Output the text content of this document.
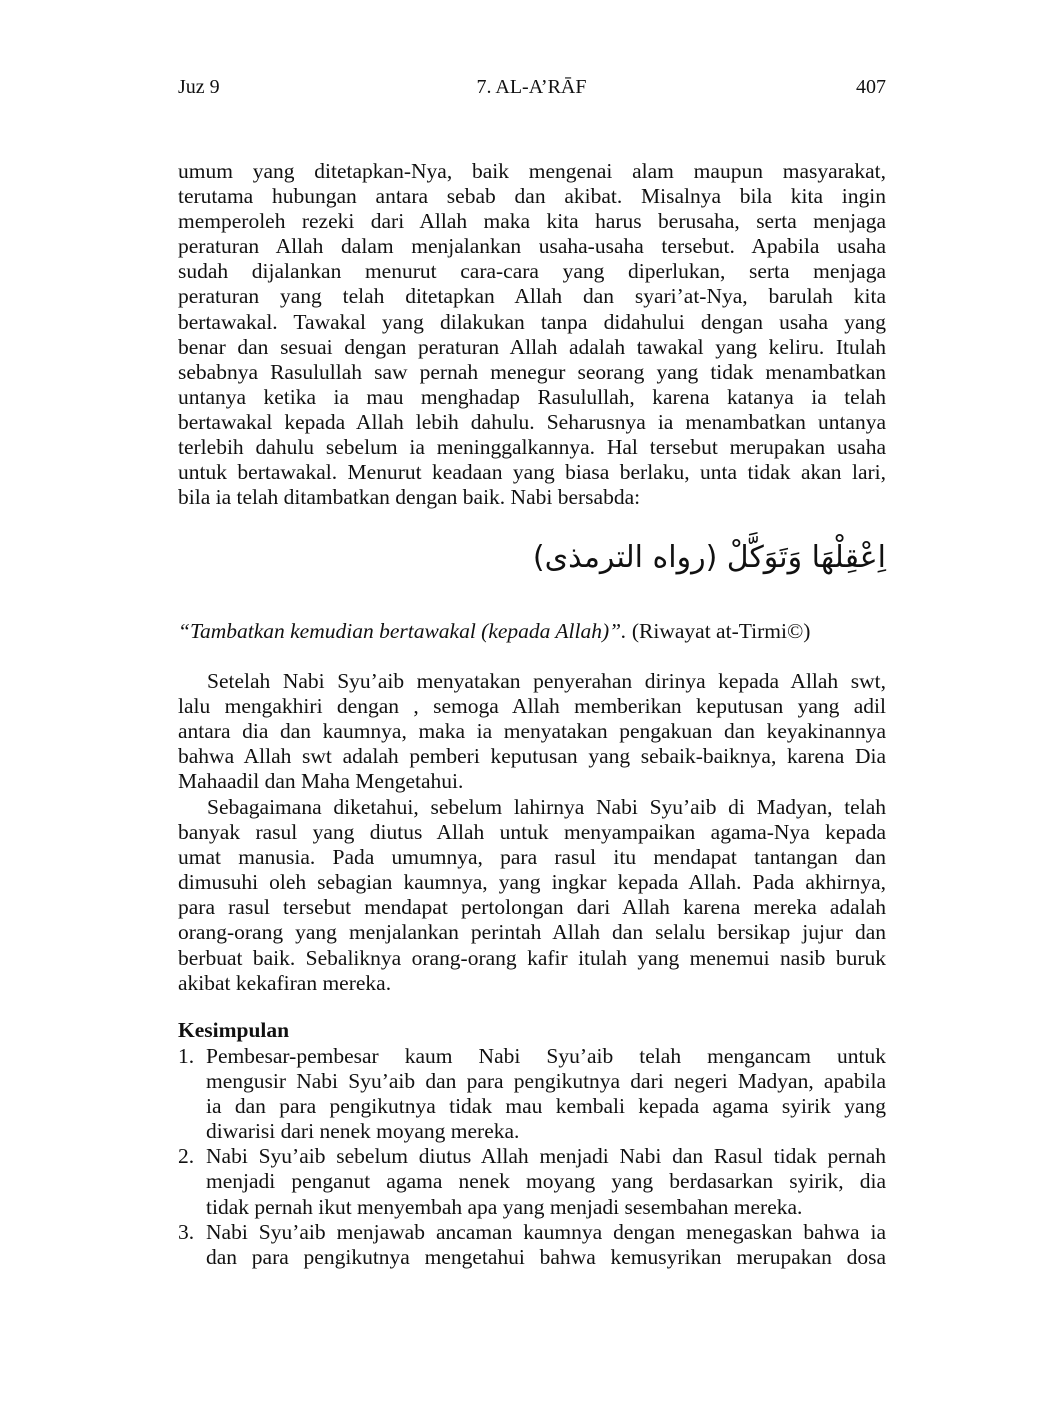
Juz 9	7. AL-A’RĀF	407
umum yang ditetapkan-Nya, baik mengenai alam maupun masyarakat,
terutama hubungan antara sebab dan akibat. Misalnya bila kita ingin
memperoleh rezeki dari Allah maka kita harus berusaha, serta menjaga
peraturan Allah dalam menjalankan usaha-usaha tersebut. Apabila usaha
sudah dijalankan menurut cara-cara yang diperlukan, serta menjaga
peraturan yang telah ditetapkan Allah dan syari’at-Nya, barulah kita
bertawakal. Tawakal yang dilakukan tanpa didahului dengan usaha yang
benar dan sesuai dengan peraturan Allah adalah tawakal yang keliru. Itulah
sebabnya Rasulullah saw pernah menegur seorang yang tidak menambatkan
untanya ketika ia mau menghadap Rasulullah, karena katanya ia telah
bertawakal kepada Allah lebih dahulu. Seharusnya ia menambatkan untanya
terlebih dahulu sebelum ia meninggalkannya. Hal tersebut merupakan usaha
untuk bertawakal. Menurut keadaan yang biasa berlaku, unta tidak akan lari,
bila ia telah ditambatkan dengan baik. Nabi bersabda:
اِعْقِلْهَا وَتَوَكَّلْ (رواه الترمذى)
“Tambatkan kemudian bertawakal (kepada Allah)”. (Riwayat at-Tirmi©)
Setelah Nabi Syu’aib menyatakan penyerahan dirinya kepada Allah swt,
lalu mengakhiri dengan , semoga Allah memberikan keputusan yang adil
antara dia dan kaumnya, maka ia menyatakan pengakuan dan keyakinannya
bahwa Allah swt adalah pemberi keputusan yang sebaik-baiknya, karena Dia
Mahaadil dan Maha Mengetahui.
Sebagaimana diketahui, sebelum lahirnya Nabi Syu’aib di Madyan, telah
banyak rasul yang diutus Allah untuk menyampaikan agama-Nya kepada
umat manusia. Pada umumnya, para rasul itu mendapat tantangan dan
dimusuhi oleh sebagian kaumnya, yang ingkar kepada Allah. Pada akhirnya,
para rasul tersebut mendapat pertolongan dari Allah karena mereka adalah
orang-orang yang menjalankan perintah Allah dan selalu bersikap jujur dan
berbuat baik. Sebaliknya orang-orang kafir itulah yang menemui nasib buruk
akibat kekafiran mereka.
Kesimpulan
1. Pembesar-pembesar kaum Nabi Syu’aib telah mengancam untuk
mengusir Nabi Syu’aib dan para pengikutnya dari negeri Madyan, apabila
ia dan para pengikutnya tidak mau kembali kepada agama syirik yang
diwarisi dari nenek moyang mereka.
2. Nabi Syu’aib sebelum diutus Allah menjadi Nabi dan Rasul tidak pernah
menjadi penganut agama nenek moyang yang berdasarkan syirik, dia
tidak pernah ikut menyembah apa yang menjadi sesembahan mereka.
3. Nabi Syu’aib menjawab ancaman kaumnya dengan menegaskan bahwa ia
dan para pengikutnya mengetahui bahwa kemusyrikan merupakan dosa
